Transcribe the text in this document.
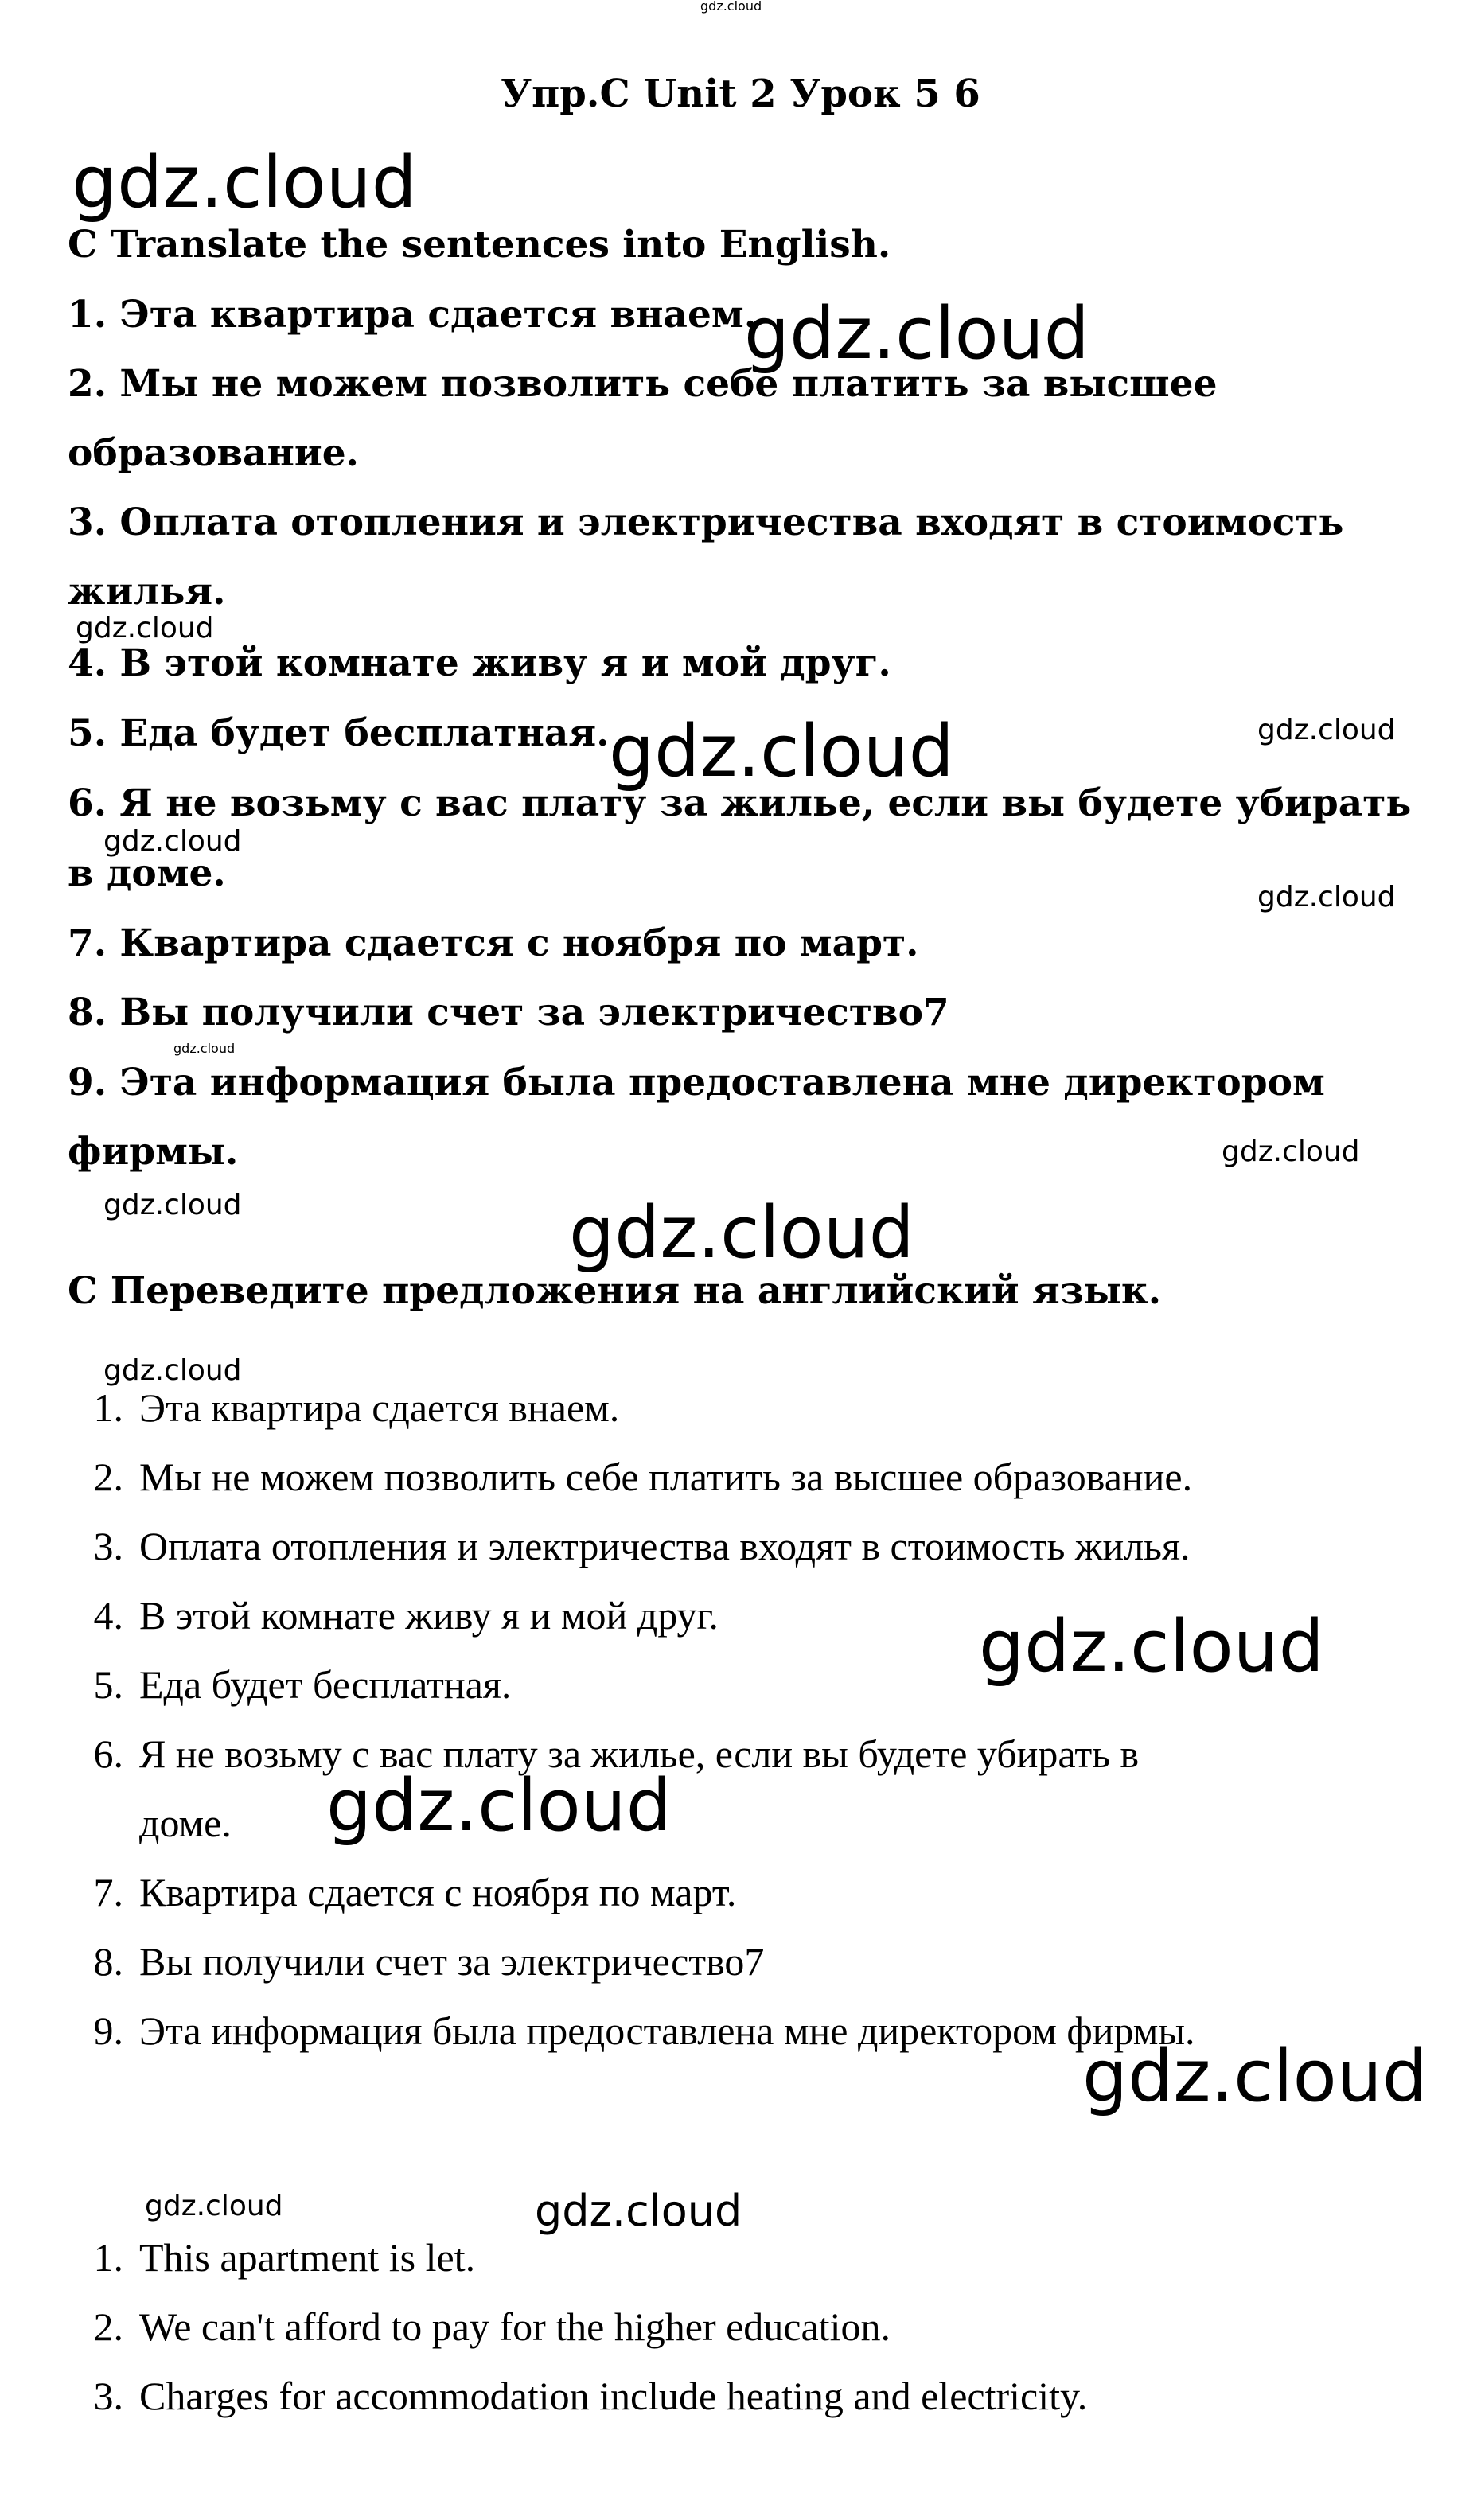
gdz.cloud
gdz.cloud
gdz.cloud
gdz.cloud
gdz.cloud
gdz.cloud
gdz.cloud
gdz.cloud
gdz.cloud
gdz.cloud
gdz.cloud	gdz.cloud
gdz.cloud
gdz.cloud
gdz.cloud
gdz.cloud
gdz.cloud	gdz.cloud
Упр.C Unit 2 Урок 5 6
C Translate the sentences into English.
1. Эта квартира сдается внаем.
2. Мы не можем позволить себе платить за высшее
образование.
3. Оплата отопления и электричества входят в стоимость
жилья.
4. В этой комнате живу я и мой друг.
5. Еда будет бесплатная.
6. Я не возьму с вас плату за жилье, если вы будете убирать
в доме.
7. Квартира сдается с ноября по март.
8. Вы получили счет за электричество7
9. Эта информация была предоставлена мне директором
фирмы.
C Переведите предложения на английский язык.
1. Эта квартира сдается внаем.
2. Мы не можем позволить себе платить за высшее образование.
3. Оплата отопления и электричества входят в стоимость жилья.
4. В этой комнате живу я и мой друг.
5. Еда будет бесплатная.
6. Я не возьму с вас плату за жилье, если вы будете убирать в
доме.
7. Квартира сдается с ноября по март.
8. Вы получили счет за электричество7
9. Эта информация была предоставлена мне директором фирмы.
1. This apartment is let.
2. We can't afford to pay for the higher education.
3. Charges for accommodation include heating and electricity.
